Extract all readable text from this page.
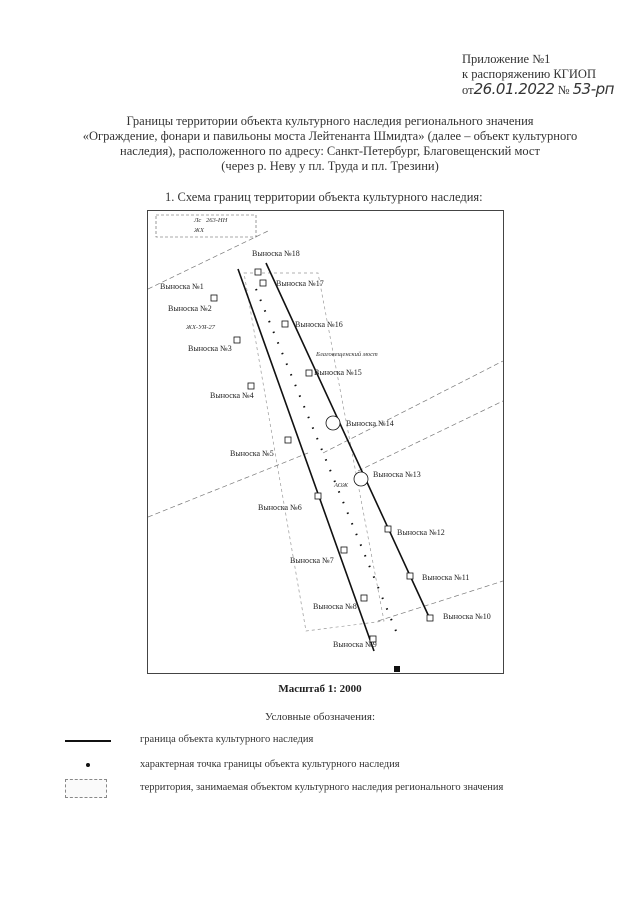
Приложение №1
к распоряжению КГИОП
от26.01.2022 № 53-рп
Границы территории объекта культурного наследия регионального значения
«Ограждение, фонари и павильоны моста Лейтенанта Шмидта» (далее – объект культурного
наследия), расположенного по адресу: Санкт-Петербург, Благовещенский мост
(через р. Неву у пл. Труда и пл. Трезини)
1. Схема границ территории объекта культурного наследия:
Лс 263-НН
ЖХ
Благовещенский мост
ЖХ-УЯ-27
АОЖ
Выноска №1
Выноска №2
Выноска №3
Выноска №4
Выноска №5
Выноска №6
Выноска №7
Выноска №8
Выноска №9
Выноска №10
Выноска №11
Выноска №12
Выноска №13
Выноска №14
Выноска №15
Выноска №16
Выноска №17
Выноска №18
Масштаб 1: 2000
Условные обозначения:
граница объекта культурного наследия
характерная точка границы объекта культурного наследия
территория, занимаемая объектом культурного наследия регионального значения
